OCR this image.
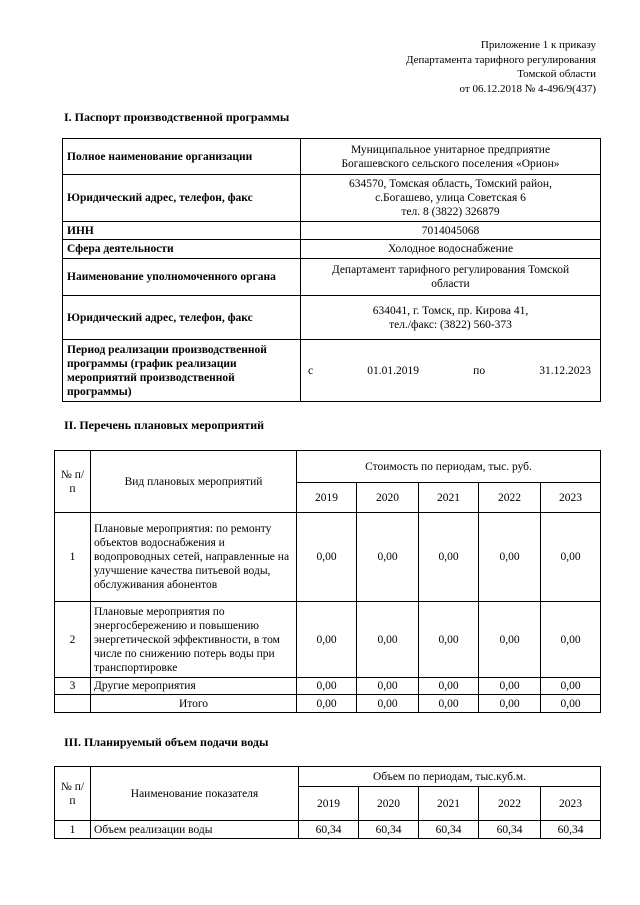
Приложение 1 к приказу
Департамента тарифного регулирования
Томской области
от 06.12.2018 № 4-496/9(437)
I. Паспорт производственной программы
Полное наименование организации	Муниципальное унитарное предприятие
Богашевского сельского поселения «Орион»

Юридический адрес, телефон, факс	634570, Томская область, Томский район,
с.Богашево, улица Советская 6
тел. 8 (3822) 326879

ИНН	7014045068
Сфера деятельности	Холодное водоснабжение
Наименование уполномоченного органа	Департамент тарифного регулирования Томской
области

Юридический адрес, телефон, факс	634041, г. Томск, пр. Кирова 41,
тел./факс: (3822) 560-373

Период реализации производственной программы (график реализации мероприятий производственной программы)	с 01.01.2019 по 31.12.2023
II. Перечень плановых мероприятий
№ п/п	Вид плановых мероприятий	Стоимость по периодам, тыс. руб.				
		2019	2020	2021	2022	2023
1	Плановые мероприятия: по ремонту объектов водоснабжения и водопроводных сетей, направленные на улучшение качества питьевой воды, обслуживания абонентов	0,00	0,00	0,00	0,00	0,00
2	Плановые мероприятия по энергосбережению и повышению энергетической эффективности, в том числе по снижению потерь воды при транспортировке	0,00	0,00	0,00	0,00	0,00
3	Другие мероприятия	0,00	0,00	0,00	0,00	0,00
	Итого	0,00	0,00	0,00	0,00	0,00
III. Планируемый объем подачи воды
№ п/п	Наименование показателя	Объем по периодам, тыс.куб.м.				
		2019	2020	2021	2022	2023
1	Объем реализации воды	60,34	60,34	60,34	60,34	60,34
